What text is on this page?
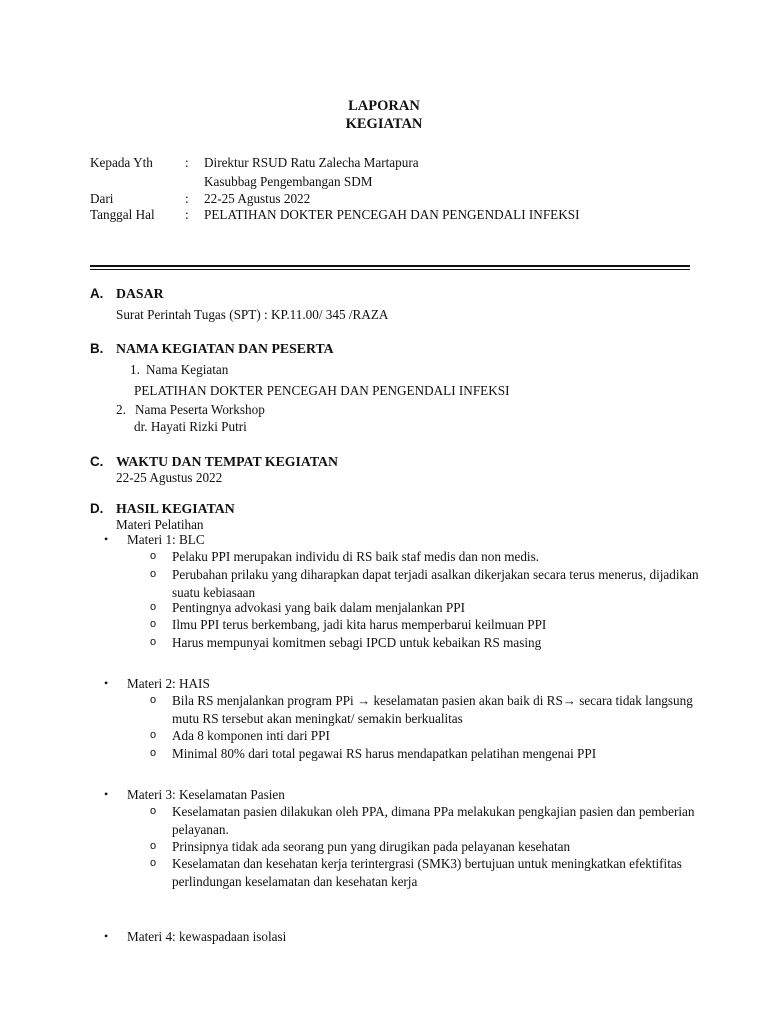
LAPORAN
KEGIATAN
Kepada Yth : Direktur RSUD Ratu Zalecha Martapura
Kasubbag Pengembangan SDM
Dari	: 22-25 Agustus 2022
Tanggal Hal : PELATIHAN DOKTER PENCEGAH DAN PENGENDALI INFEKSI
A. DASAR
Surat Perintah Tugas (SPT) : KP.11.00/ 345 /RAZA
B. NAMA KEGIATAN DAN PESERTA
1. Nama Kegiatan
PELATIHAN DOKTER PENCEGAH DAN PENGENDALI INFEKSI
2. Nama Peserta Workshop
dr. Hayati Rizki Putri
C. WAKTU DAN TEMPAT KEGIATAN
22-25 Agustus 2022
D. HASIL KEGIATAN
Materi Pelatihan
• Materi 1: BLC
o Pelaku PPI merupakan individu di RS baik staf medis dan non medis.
o Perubahan prilaku yang diharapkan dapat terjadi asalkan dikerjakan secara terus menerus, dijadikan suatu kebiasaan
o Pentingnya advokasi yang baik dalam menjalankan PPI
o Ilmu PPI terus berkembang, jadi kita harus memperbarui keilmuan PPI
o Harus mempunyai komitmen sebagi IPCD untuk kebaikan RS masing
• Materi 2: HAIS
o Bila RS menjalankan program PPi → keselamatan pasien akan baik di RS→ secara tidak langsung mutu RS tersebut akan meningkat/ semakin berkualitas
o Ada 8 komponen inti dari PPI
o Minimal 80% dari total pegawai RS harus mendapatkan pelatihan mengenai PPI
• Materi 3: Keselamatan Pasien
o Keselamatan pasien dilakukan oleh PPA, dimana PPa melakukan pengkajian pasien dan pemberian pelayanan.
o Prinsipnya tidak ada seorang pun yang dirugikan pada pelayanan kesehatan
o Keselamatan dan kesehatan kerja terintergrasi (SMK3) bertujuan untuk meningkatkan efektifitas perlindungan keselamatan dan kesehatan kerja
• Materi 4: kewaspadaan isolasi
